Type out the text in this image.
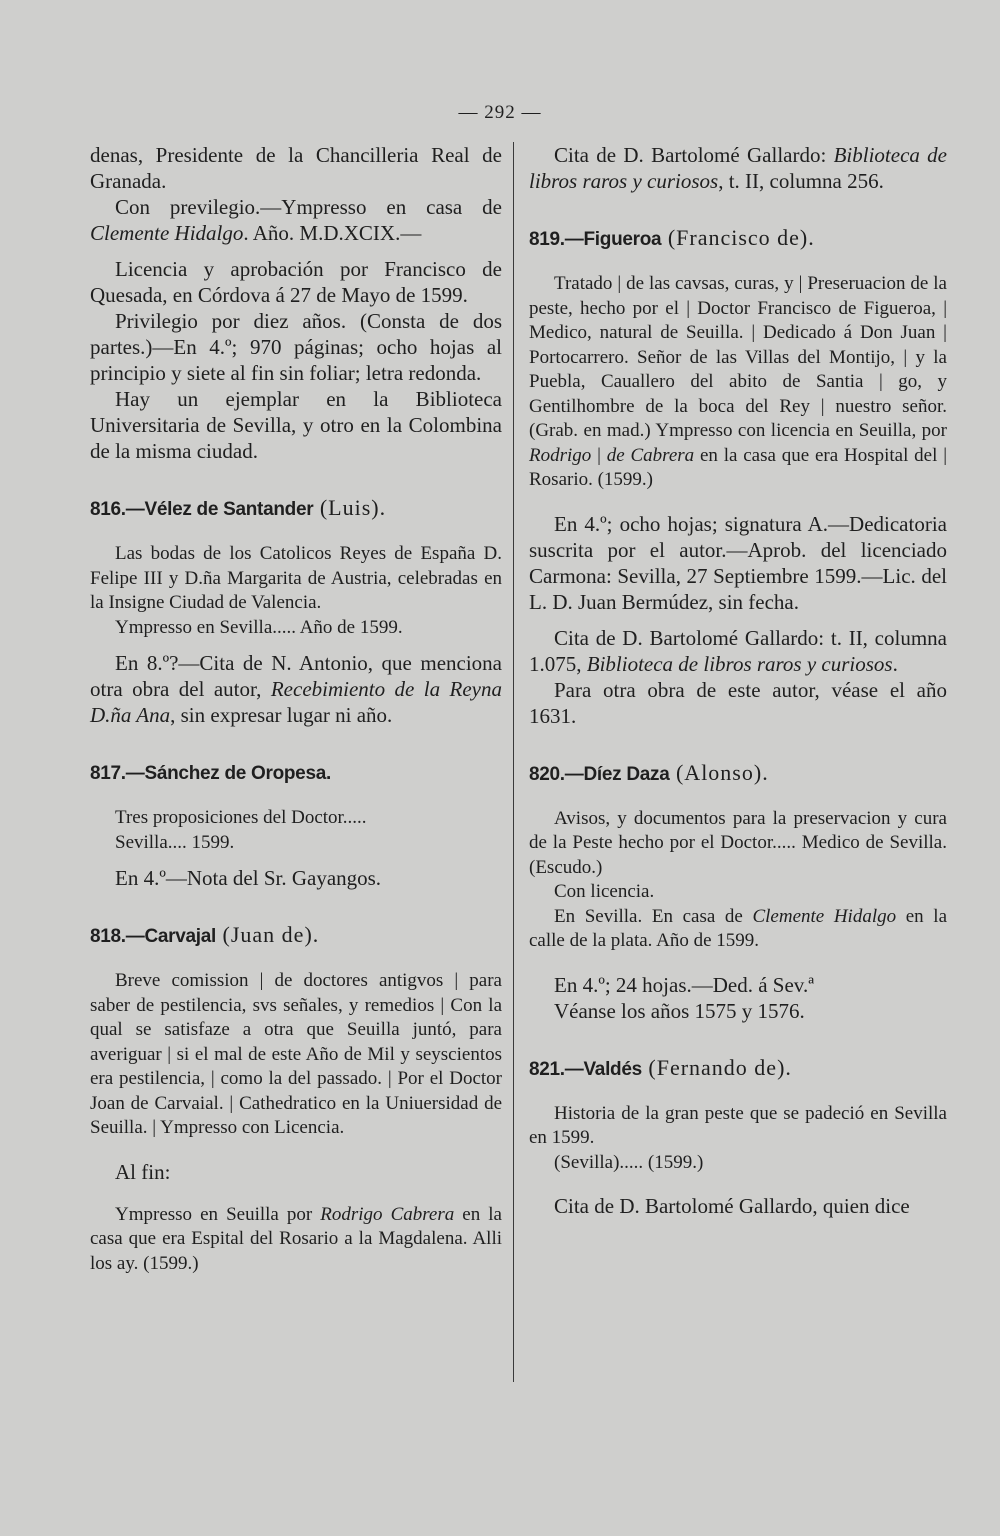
— 292 —

denas, Presidente de la Chancilleria Real de Granada.
Con previlegio.—Ympresso en casa de Clemente Hidalgo. Año. M.D.XCIX.—

Licencia y aprobación por Francisco de Quesada, en Córdova á 27 de Mayo de 1599.

Privilegio por diez años. (Consta de dos partes.)—En 4.º; 970 páginas; ocho hojas al principio y siete al fin sin foliar; letra redonda.

Hay un ejemplar en la Biblioteca Universitaria de Sevilla, y otro en la Colombina de la misma ciudad.

816.—Vélez de Santander (Luis).

Las bodas de los Catolicos Reyes de España D. Felipe III y D.ña Margarita de Austria, celebradas en la Insigne Ciudad de Valencia.

Ympresso en Sevilla..... Año de 1599.

En 8.º?—Cita de N. Antonio, que menciona otra obra del autor, Recebimiento de la Reyna D.ña Ana, sin expresar lugar ni año.

817.—Sánchez de Oropesa.

Tres proposiciones del Doctor.....

Sevilla.... 1599.

En 4.º—Nota del Sr. Gayangos.

818.—Carvajal (Juan de).

Breve comission | de doctores antigvos | para saber de pestilencia, svs señales, y remedios | Con la qual se satisfaze a otra que Seuilla juntó, para averiguar | si el mal de este Año de Mil y seyscientos era pestilencia, | como la del passado. | Por el Doctor Joan de Carvaial. | Cathedratico en la Uniuersidad de Seuilla. | Ympresso con Licencia.

Al fin:

Ympresso en Seuilla por Rodrigo Cabrera en la casa que era Espital del Rosario a la Magdalena. Alli los ay. (1599.)

Cita de D. Bartolomé Gallardo: Biblioteca de libros raros y curiosos, t. II, columna 256.

819.—Figueroa (Francisco de).

Tratado | de las cavsas, curas, y | Preseruacion de la peste, hecho por el | Doctor Francisco de Figueroa, | Medico, natural de Seuilla. | Dedicado á Don Juan | Portocarrero. Señor de las Villas del Montijo, | y la Puebla, Cauallero del abito de Santia | go, y Gentilhombre de la boca del Rey | nuestro señor. (Grab. en mad.) Ympresso con licencia en Seuilla, por Rodrigo | de Cabrera en la casa que era Hospital del | Rosario. (1599.)

En 4.º; ocho hojas; signatura A.—Dedicatoria suscrita por el autor.—Aprob. del licenciado Carmona: Sevilla, 27 Septiembre 1599.—Lic. del L. D. Juan Bermúdez, sin fecha.

Cita de D. Bartolomé Gallardo: t. II, columna 1.075, Biblioteca de libros raros y curiosos.

Para otra obra de este autor, véase el año 1631.

820.—Díez Daza (Alonso).

Avisos, y documentos para la preservacion y cura de la Peste hecho por el Doctor..... Medico de Sevilla. (Escudo.)

Con licencia.

En Sevilla. En casa de Clemente Hidalgo en la calle de la plata. Año de 1599.

En 4.º; 24 hojas.—Ded. á Sev.ª

Véanse los años 1575 y 1576.

821.—Valdés (Fernando de).

Historia de la gran peste que se padeció en Sevilla en 1599.

(Sevilla)..... (1599.)

Cita de D. Bartolomé Gallardo, quien dice
